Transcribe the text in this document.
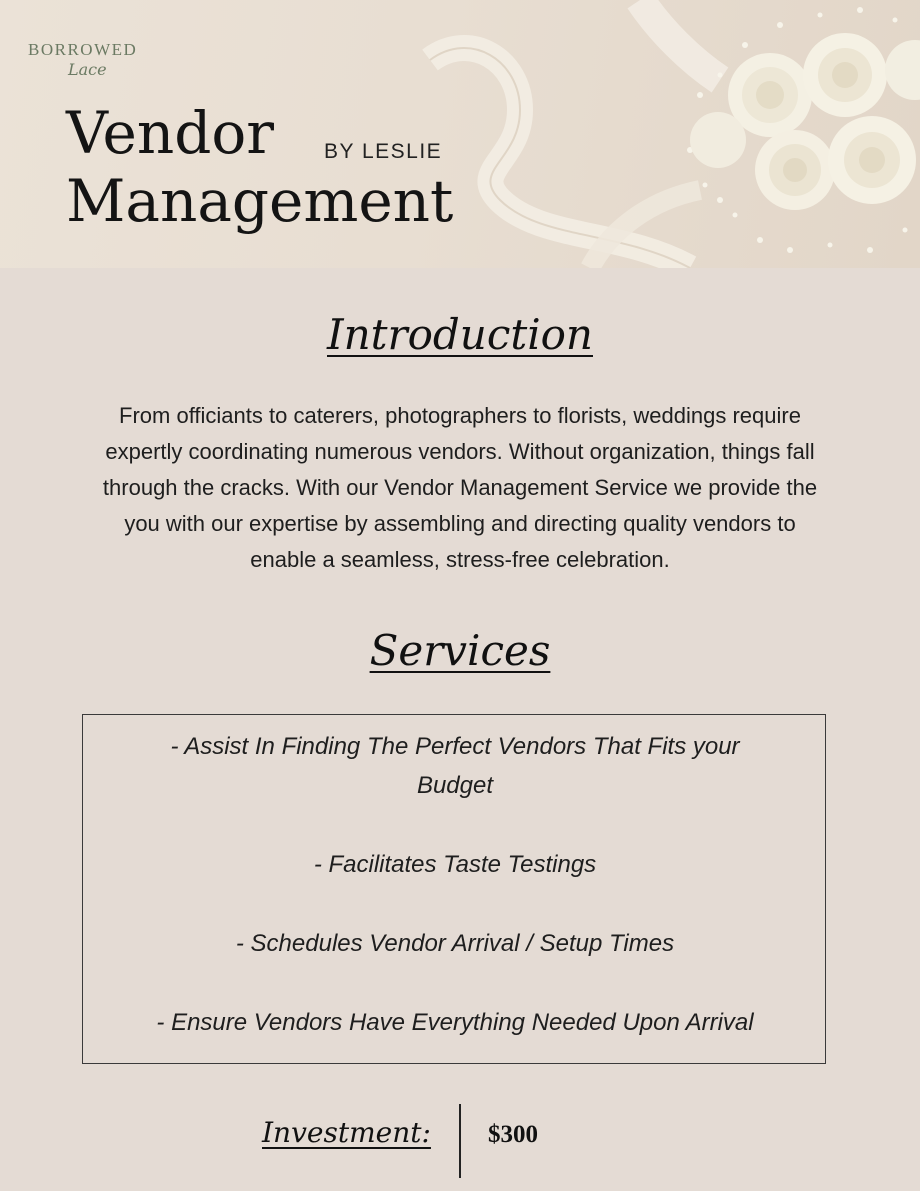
BORROWED
Lace
Vendor BY LESLIE
Management
Introduction
From officiants to caterers, photographers to florists, weddings require
expertly coordinating numerous vendors. Without organization, things fall
through the cracks. With our Vendor Management Service we provide the
you with our expertise by assembling and directing quality vendors to
enable a seamless, stress-free celebration.
Services
- Assist In Finding The Perfect Vendors That Fits your
Budget
- Facilitates Taste Testings
- Schedules Vendor Arrival / Setup Times
- Ensure Vendors Have Everything Needed Upon Arrival
Investment: $300
